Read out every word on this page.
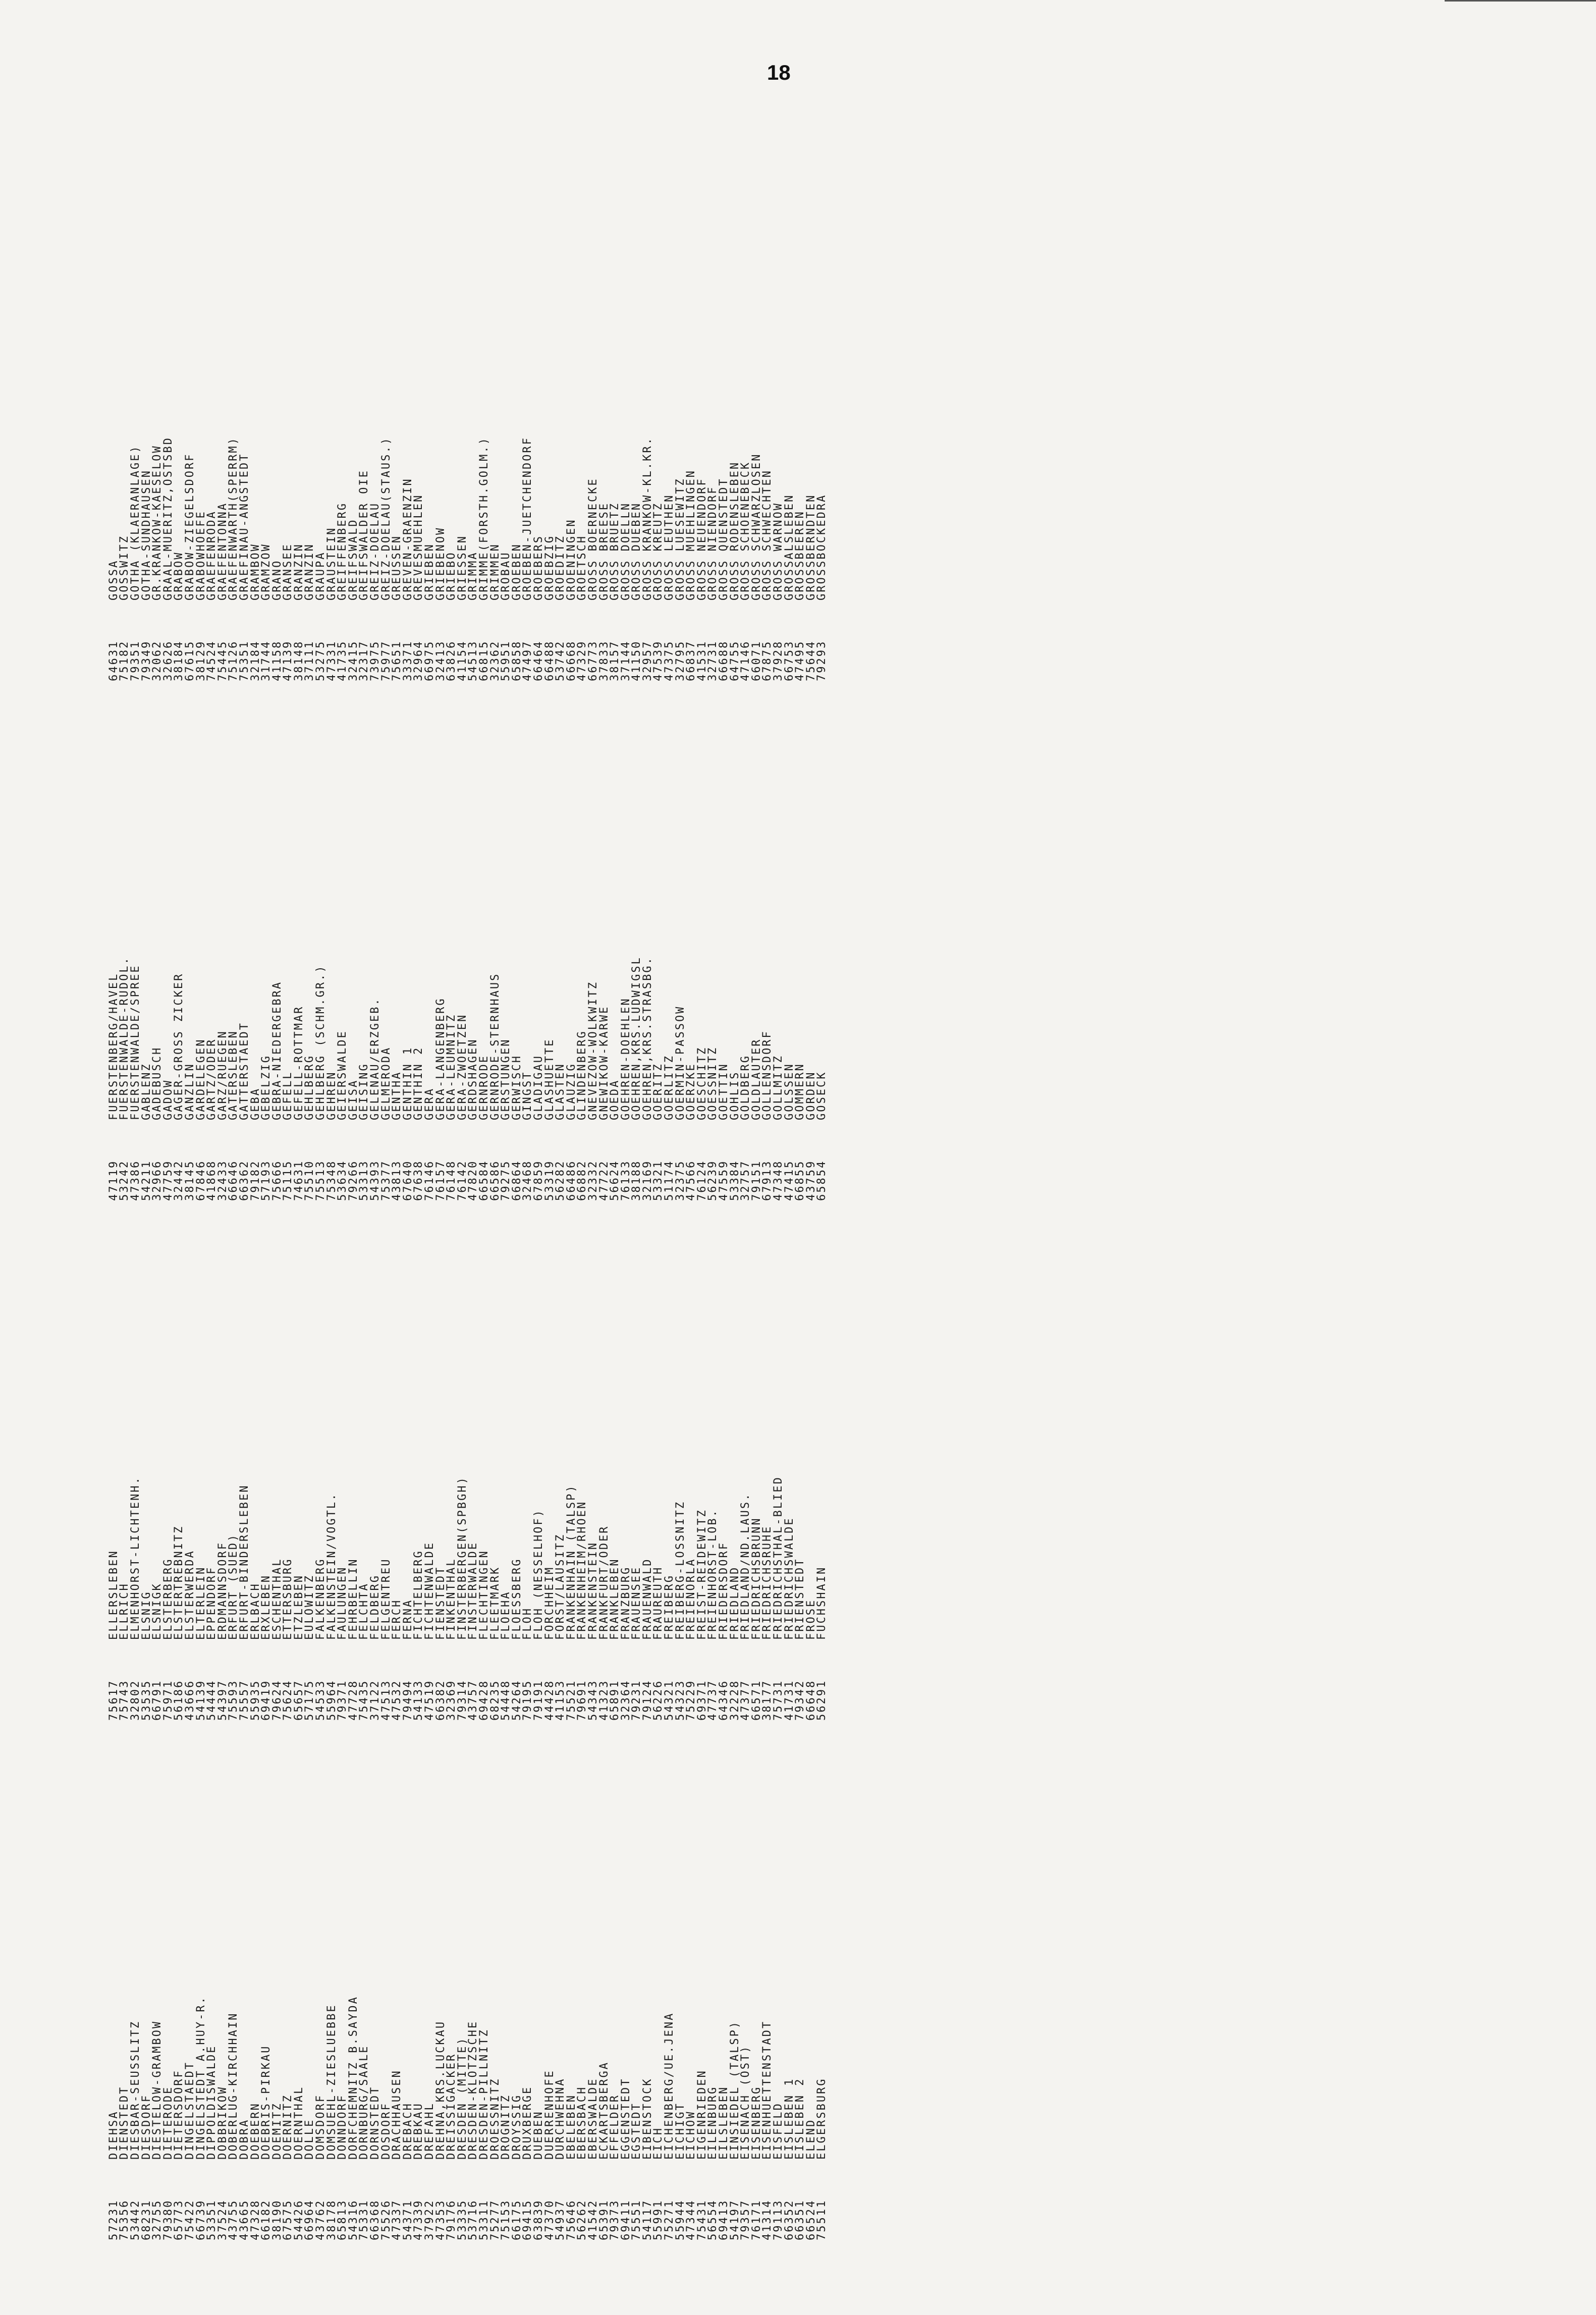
18
57231
DIEHSA
75356
DIENSTEDT
53442
DIESBAR-SEUSSLITZ
68231
DIESDORF
32755
DIESTELOW-GRAMBOW
79380
DIETERODE
65773
DIETERSDORF
75422
DINGELSTAEDT
66739
DINGELSTEDT A.HUY-R.
53351
DIPPOLDISWALDE
37524
DOBBRIKOW
43755
DOBERLUG-KIRCHHAIN
43665
DOBRA
47328
DOEBERN
66182
DOEBRIS-PIRKAU
38190
DOEMITZ
67575
DOERNITZ
54426
DOERNTHAL
66964
DOLLE
43762
DOMSDORF
38178
DOMSUEHL-ZIESLUEBBE
65813
DONNDORF
54316
DORFCHEMNITZ B.SAYDA
75331
DORNBURG/SAALE
66368
DORNSTEDT
75526
DOSDORF
47337
DRACHHAUSEN
54371
DREBACH
47339
DREBKAU
37922
DREFAHL
47353
DREHNA,KRS.LUCKAU
79176
DREISSIGACKER
53335
DRESDEN (MITTE)
53716
DRESDEN-KLOTZSCHE
53311
DRESDEN-PILLNITZ
75277
DROESSNITZ
75153
DROGNITZ
66175
DROYSSIG
69415
DRUXBERGE
63839
DUEBEN
47370
DUERRENHOFE
54937
DURCHWEHNA
75646
EBELEBEN
56262
EBERSBACH
41542
EBERSWALDE
65391
ECKARTSBERGA
79373
EFFELDER
69411
EGGENSTEDT
75551
EGSTEDT
54117
EIBENSTOCK
55991
EICH
75271
EICHENBERG/UE.JENA
55944
EICHIGT
47344
EICHOW
75431
EIGENRIEDEN
56554
EILENBURG
69413
EILSLEBEN
54197
EINSIEDEL (TALSP)
79357
EISENACH (OST)
76171
EISENBERG
41314
EISENHUETTENSTADT
79113
EISFELD
66352
EISLEBEN 1
66351
EISLEBEN 2
66524
ELEND
75511
ELGERSBURG
75617
ELLERSLEBEN
75743
ELLRICH
32802
ELMENHORST-LICHTENH.
53535
ELSNIG
66791
ELSNIGK
75971
ELSTERBERG
56186
ELSTERTREBNITZ
43666
ELSTERWERDA
54139
ELTERLEIN
54444
EPPENDORF
54397
ERDMANNSDORF
75593
ERFURT (SUED)
75557
ERFURT-BINDERSLEBEN
55935
ERLBACH
69419
ERXLEBEN
79624
ESCHENTHAL
75624
ETTERSBURG
65657
ETZLEBEN
57175
EULOWITZ
54533
FALKENBERG
55964
FALKENSTEIN/VOGTL.
79371
FAULUNGEN
47728
FEHRBELLIN
75435
FELCHTA
37122
FELDBERG
47513
FELGENTREU
47532
FERCH
79494
FERNA
54133
FICHTELBERG
47519
FICHTENWALDE
66382
FIENSTEDT
32369
FINKENTHAL
79314
FINSTERBERGEN(SPBGH)
43757
FINSTERWALDE
69428
FLECHTINGEN
68235
FLEETMARK
54448
FLOEHA
54264
FLOESSBERG
79195
FLOH
79191
FLOH (NESSELHOF)
44428
FORCHHEIM
41153
FORST/LAUSITZ
75521
FRANKENHAIN (TALSP)
79691
FRANKENHEIM/RHOEN
54343
FRANKENSTEIN
41323
FRANKFURT/ODER
65891
FRANKLEBEN
32364
FRANZBURG
79231
FRAUENSEE
79124
FRAUENWALD
56226
FRAUREUTH
54321
FREIBERG
54323
FREIBERG-LOSSNITZ
75229
FREIENORLA
69371
FREIST-REIDEWITZ
47737
FREIENHORST-LOB.
64346
FRIEDERSDORF
32228
FRIEDLAND
47377
FRIEDLAND/ND.LAUS.
66571
FRIEDRICHSBRUNN
38177
FRIEDRICHSRUHE
75731
FRIEDRICHSTHAL-BLIED
41731
FRIEDRICHSWALDE
79342
FRIENSTEDT
66648
FROSE
56291
FUCHSHAIN
47119
FUERSTENBERG/HAVEL
53242
FUERSTENWALDE-RUDOL.
47386
FUERSTENWALDE/SPREE
54211
GABLENZ
32966
GADEBUSCH
47759
GADOW
32442
GAGER-GROSS ZICKER
38145
GANZLIN
67846
GARDELEGEN
41868
GARTZ/ODER
32433
GARZ/RUEGEN
66646
GATERSLEBEN
66362
GATTERSTAEDT
79182
GEBA
57193
GEBELZIG
75666
GEBRA-NIEDERGEBRA
75115
GEFELL
74631
GEFELL-ROTTMAR
75510
GEHLBERG
75513
GEHLBERG (SCHM.GR.)
75348
GEHREN
53634
GEIERSWALDE
79266
GEISA
53313
GEISING
54393
GELENAU/ERZGEB.
75377
GELMERODA
43813
GENTHA
67640
GENTHIN 1
67638
GENTHIN 2
76146
GERA
76157
GERA-LANGENBERG
76148
GERA-LEUMNITZ
76142
GERA-ZWOETZEN
47820
GERDSHAGEN
66584
GERNRODE
66586
GERNRODE-STERNHAUS
79275
GERSTUNGEN
66864
GERWISCH
32468
GINGST
67859
GLADIGAU
53319
GLASHUETTE
56282
GLASTEN
66486
GLAUZIG
66882
GLINDENBERG
32332
GNEVEZOW-WOLKWITZ
47722
GNEWIKOW-KARWE
56624
GOEDA
76133
GOEHREN-DOEHLEN
38188
GOEHREN,KRS.LUDWIGSL
32169
GOEHREN,KRS.STRASBG.
53321
GOERITZ
51174
GOERLITZ
32375
GOERMIN-PASSOW
47566
GOERZKE
76124
GOESCHITZ
56239
GOESSNITZ
47559
GOETTIN
53384
GOHLIS
32757
GOLDBERG
79151
GOLDLAUTER
67913
GOLLENSDORF
47348
GOLLMITZ
47415
GOLSSEN
66855
GOMMERN
43759
GORDEN
65854
GOSECK
64631
GOSSA
75182
GOSSWITZ
79351
GOTHA (KLAERANLAGE)
79349
GOTHA-SUNDHAUSEN
32062
GR.KRANKOW-KAESELOW
32626
GRAAL-MUERITZ,OSTSBD
38184
GRABOW
67615
GRABOW-ZIEGELSDORF
38129
GRABOWHOEFE
74524
GRAEFENRODA
75445
GRAEFENTONNA
75126
GRAEFENWARTH(SPERRM)
75351
GRAEFINAU-ANGSTEDT
32184
GRAMBOW
31744
GRAMZOW
41158
GRANO
47139
GRANSEE
38148
GRANZIN
37111
GRANZIN
53275
GRAUPA
47331
GRAUSTEIN
41735
GREIFFENBERG
32415
GREIFSWALD
32317
GREIFSWALDER OIE
73975
GREIZ-DOELAU
75977
GREIZ-DOELAU(STAUS.)
75651
GREUSSEN
33371
GREVEN-GRAENZIN
32964
GREVESMUEHLEN
66975
GRIEBEN
32413
GRIEBENOW
63826
GRIEBO
41154
GRIESSEN
54513
GRIMMA
66815
GRIMME(FORSTH.GOLM.)
32362
GRIMMEN
55951
GROBAU
65858
GROEBEN
47497
GROEBEN-JUETCHENDORF
66464
GROEBERS
66488
GROEBZIG
53742
GROEDITZ
66668
GROENINGEN
47329
GROETSCH
66773
GROSS BOERNECKE
37833
GROSS BREESE
38157
GROSS BRUETZ
37144
GROSS DOELLN
41150
GROSS DUEBEN
32957
GROSS KRANKOW-KL.KR.
47539
GROSS KREUTZ
47375
GROSS LEUTHEN
32795
GROSS LUESEWITZ
66837
GROSS MUEHLINGEN
41531
GROSS NEUENDORF
32731
GROSS NIENDORF
66688
GROSS QUENSTEDT
64755
GROSS RODENSLEBEN
47146
GROSS SCHOENEBECK
66071
GROSS SCHWARZLOSEN
67875
GROSS SCHWECHTEN
37928
GROSS WARNOW
66753
GROSSALSLEBEN
47495
GROSSBEEREN
75644
GROSSBERNDTEN
79293
GROSSBOCKEDRA
